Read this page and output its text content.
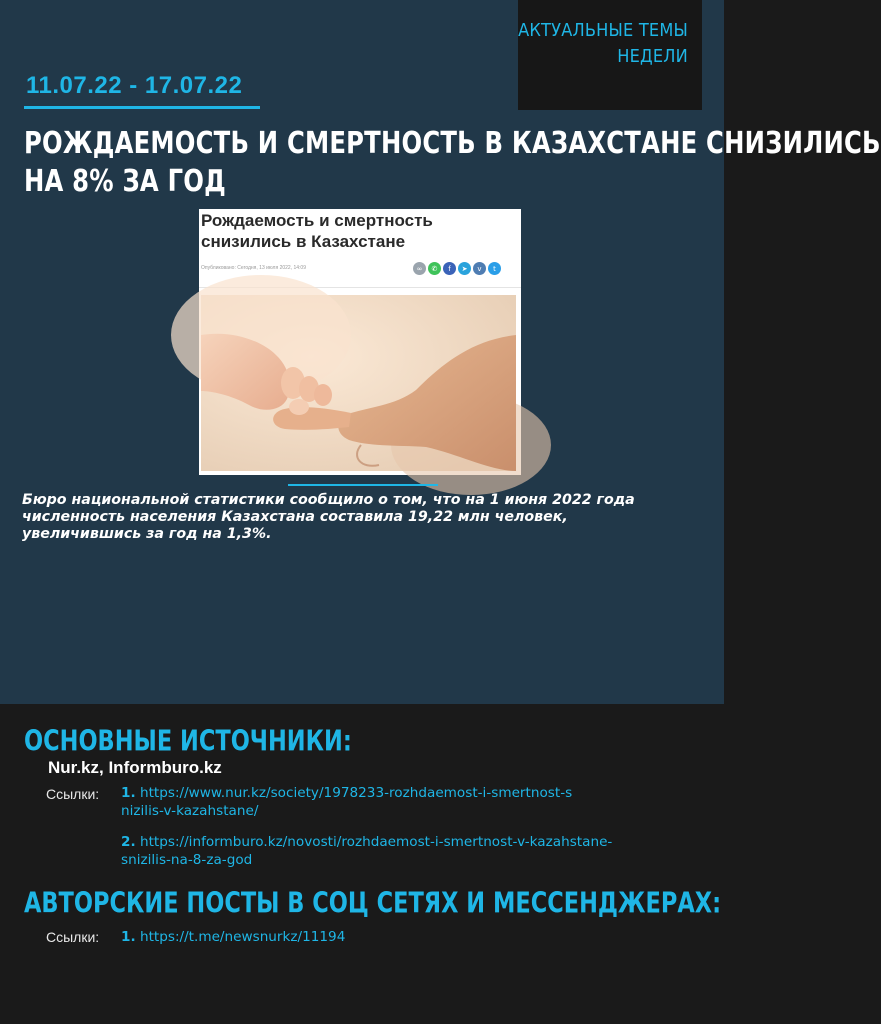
АКТУАЛЬНЫЕ ТЕМЫ
НЕДЕЛИ
11.07.22 - 17.07.22
РОЖДАЕМОСТЬ И СМЕРТНОСТЬ В КАЗАХСТАНЕ СНИЗИЛИСЬ
НА 8% ЗА ГОД
Рождаемость и смертность
снизились в Казахстане
Опубликовано: Сегодня, 13 июля 2022, 14:09	∞	✆	f	➤	v	t
Бюро национальной статистики сообщило о том, что на 1 июня 2022 года
численность населения Казахстана составила 19,22 млн человек,
увеличившись за год на 1,3%.
ОСНОВНЫЕ ИСТОЧНИКИ:
Nur.kz, Informburo.kz
Ссылки: 1. https://www.nur.kz/society/1978233-rozhdaemost-i-smertnost-s
nizilis-v-kazahstane/
2. https://informburo.kz/novosti/rozhdaemost-i-smertnost-v-kazahstane-
snizilis-na-8-za-god
АВТОРСКИЕ ПОСТЫ В СОЦ СЕТЯХ И МЕССЕНДЖЕРАХ:
Ссылки: 1. https://t.me/newsnurkz/11194
